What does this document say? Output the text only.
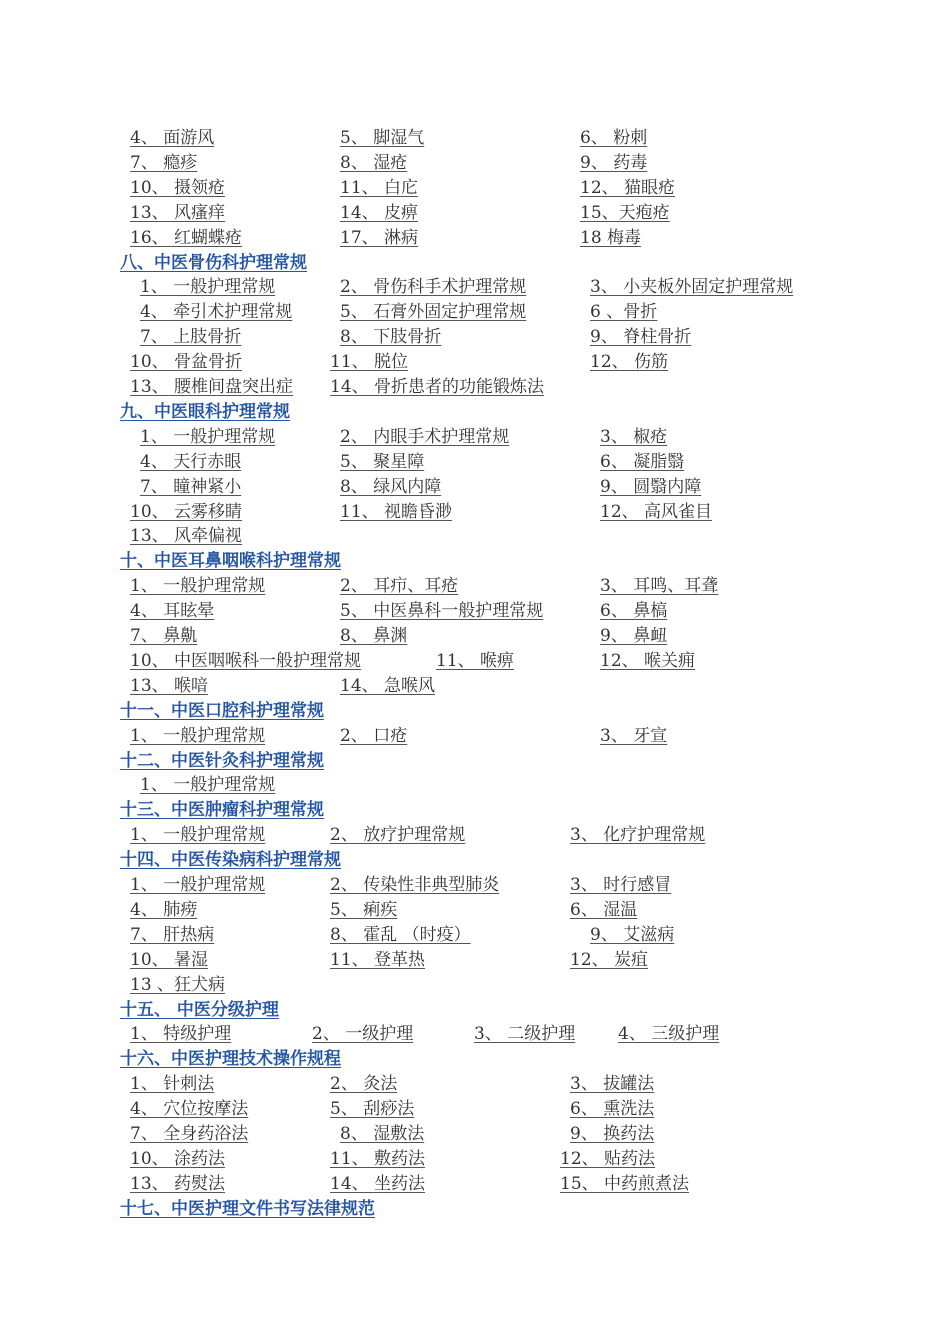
4、 面游风	5、 脚湿气	6、 粉刺
7、 瘾疹	8、 湿疮	9、 药毒
10、 摄领疮	11、 白庀	12、 猫眼疮
13、 风瘙痒	14、 皮痹	15、天疱疮
16、 红蝴蝶疮	17、 淋病	18 梅毒
八、中医骨伤科护理常规
1、 一般护理常规	2、 骨伤科手术护理常规	3、 小夹板外固定护理常规
4、 牵引术护理常规	5、 石膏外固定护理常规	6 、骨折
7、 上肢骨折	8、 下肢骨折	9、 脊柱骨折
10、 骨盆骨折	11、 脱位	12、 伤筋
13、 腰椎间盘突出症 14、 骨折患者的功能锻炼法
九、中医眼科护理常规
1、 一般护理常规	2、 内眼手术护理常规	3、 椒疮
4、 天行赤眼	5、 聚星障	6、 凝脂翳
7、 瞳神紧小	8、 绿风内障	9、 圆翳内障
10、 云雾移睛	11、 视瞻昏渺	12、 高风雀目
13、 风牵偏视
十、中医耳鼻咽喉科护理常规
1、 一般护理常规	2、 耳疖、耳疮	3、 耳鸣、耳聋
4、 耳眩晕	5、 中医鼻科一般护理常规	6、 鼻槁
7、 鼻鼽	8、 鼻渊	9、 鼻衄
10、 中医咽喉科一般护理常规	11、 喉痹	12、 喉关痈
13、 喉喑	14、 急喉风
十一、中医口腔科护理常规
1、 一般护理常规	2、 口疮	3、 牙宣
十二、中医针灸科护理常规
1、 一般护理常规
十三、中医肿瘤科护理常规
1、 一般护理常规	2、 放疗护理常规	3、 化疗护理常规
十四、中医传染病科护理常规
1、 一般护理常规	2、 传染性非典型肺炎	3、 时行感冒
4、 肺痨	5、 痢疾	6、 湿温
7、 肝热病	8、 霍乱 （时疫）	9、 艾滋病
10、 暑湿	11、 登革热	12、 炭疽
13 、狂犬病
十五、 中医分级护理
1、 特级护理	2、 一级护理	3、 二级护理	4、 三级护理
十六、中医护理技术操作规程
1、 针刺法	2、 灸法	3、 拔罐法
4、 穴位按摩法	5、 刮痧法	6、 熏洗法
7、 全身药浴法	8、 湿敷法	9、 换药法
10、 涂药法	11、 敷药法	12、 贴药法
13、 药熨法	14、 坐药法	15、 中药煎煮法
十七、中医护理文件书写法律规范
